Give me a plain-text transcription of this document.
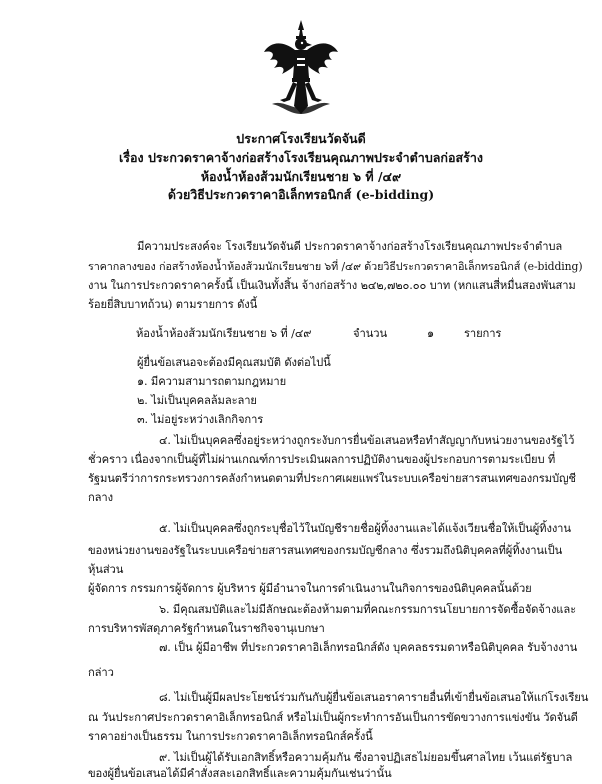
ประกาศโรงเรียนวัดจันดี
เรื่อง ประกวดราคาจ้างก่อสร้างโรงเรียนคุณภาพประจำตำบลก่อสร้าง
ห้องน้ำห้องส้วมนักเรียนชาย ๖ ที่ /๔๙
ด้วยวิธีประกวดราคาอิเล็กทรอนิกส์ (e-bidding)
มีความประสงค์จะ โรงเรียนวัดจันดี ประกวดราคาจ้างก่อสร้างโรงเรียนคุณภาพประจำตำบล
ราคากลางของ ก่อสร้างห้องน้ำห้องส้วมนักเรียนชาย ๖ที่ /๔๙ ด้วยวิธีประกวดราคาอิเล็กทรอนิกส์ (e-bidding)
งาน ในการประกวดราคาครั้งนี้ เป็นเงินทั้งสิ้น จ้างก่อสร้าง ๒๔๒,๗๒๐.๐๐ บาท (หกแสนสี่หมื่นสองพันสาม
ร้อยยี่สิบบาทถ้วน) ตามรายการ ดังนี้
ห้องน้ำห้องส้วมนักเรียนชาย ๖ ที่ /๔๙	จำนวน	๑	รายการ
ผู้ยื่นข้อเสนอจะต้องมีคุณสมบัติ ดังต่อไปนี้
๑. มีความสามารถตามกฎหมาย
๒. ไม่เป็นบุคคลล้มละลาย
๓. ไม่อยู่ระหว่างเลิกกิจการ
๔. ไม่เป็นบุคคลซึ่งอยู่ระหว่างถูกระงับการยื่นข้อเสนอหรือทำสัญญากับหน่วยงานของรัฐไว้
ชั่วคราว เนื่องจากเป็นผู้ที่ไม่ผ่านเกณฑ์การประเมินผลการปฏิบัติงานของผู้ประกอบการตามระเบียบ ที่
รัฐมนตรีว่าการกระทรวงการคลังกำหนดตามที่ประกาศเผยแพร่ในระบบเครือข่ายสารสนเทศของกรมบัญชี
กลาง
๕. ไม่เป็นบุคคลซึ่งถูกระบุชื่อไว้ในบัญชีรายชื่อผู้ทิ้งงานและได้แจ้งเวียนชื่อให้เป็นผู้ทิ้งงาน
ของหน่วยงานของรัฐในระบบเครือข่ายสารสนเทศของกรมบัญชีกลาง ซึ่งรวมถึงนิติบุคคลที่ผู้ทิ้งงานเป็น
หุ้นส่วน
ผู้จัดการ กรรมการผู้จัดการ ผู้บริหาร ผู้มีอำนาจในการดำเนินงานในกิจการของนิติบุคคลนั้นด้วย
๖. มีคุณสมบัติและไม่มีลักษณะต้องห้ามตามที่คณะกรรมการนโยบายการจัดซื้อจัดจ้างและ
การบริหารพัสดุภาครัฐกำหนดในราชกิจจานุเบกษา
๗. เป็น ผู้มีอาชีพ ที่ประกวดราคาอิเล็กทรอนิกส์ดัง บุคคลธรรมดาหรือนิติบุคคล รับจ้างงาน
กล่าว
๘. ไม่เป็นผู้มีผลประโยชน์ร่วมกันกับผู้ยื่นข้อเสนอราคารายอื่นที่เข้ายื่นข้อเสนอให้แก่โรงเรียน
ณ วันประกาศประกวดราคาอิเล็กทรอนิกส์ หรือไม่เป็นผู้กระทำการอันเป็นการขัดขวางการแข่งขัน วัดจันดี
ราคาอย่างเป็นธรรม ในการประกวดราคาอิเล็กทรอนิกส์ครั้งนี้
๙. ไม่เป็นผู้ได้รับเอกสิทธิ์หรือความคุ้มกัน ซึ่งอาจปฏิเสธไม่ยอมขึ้นศาลไทย เว้นแต่รัฐบาล
ของผู้ยื่นข้อเสนอได้มีคำสั่งสละเอกสิทธิ์และความคุ้มกันเช่นว่านั้น
